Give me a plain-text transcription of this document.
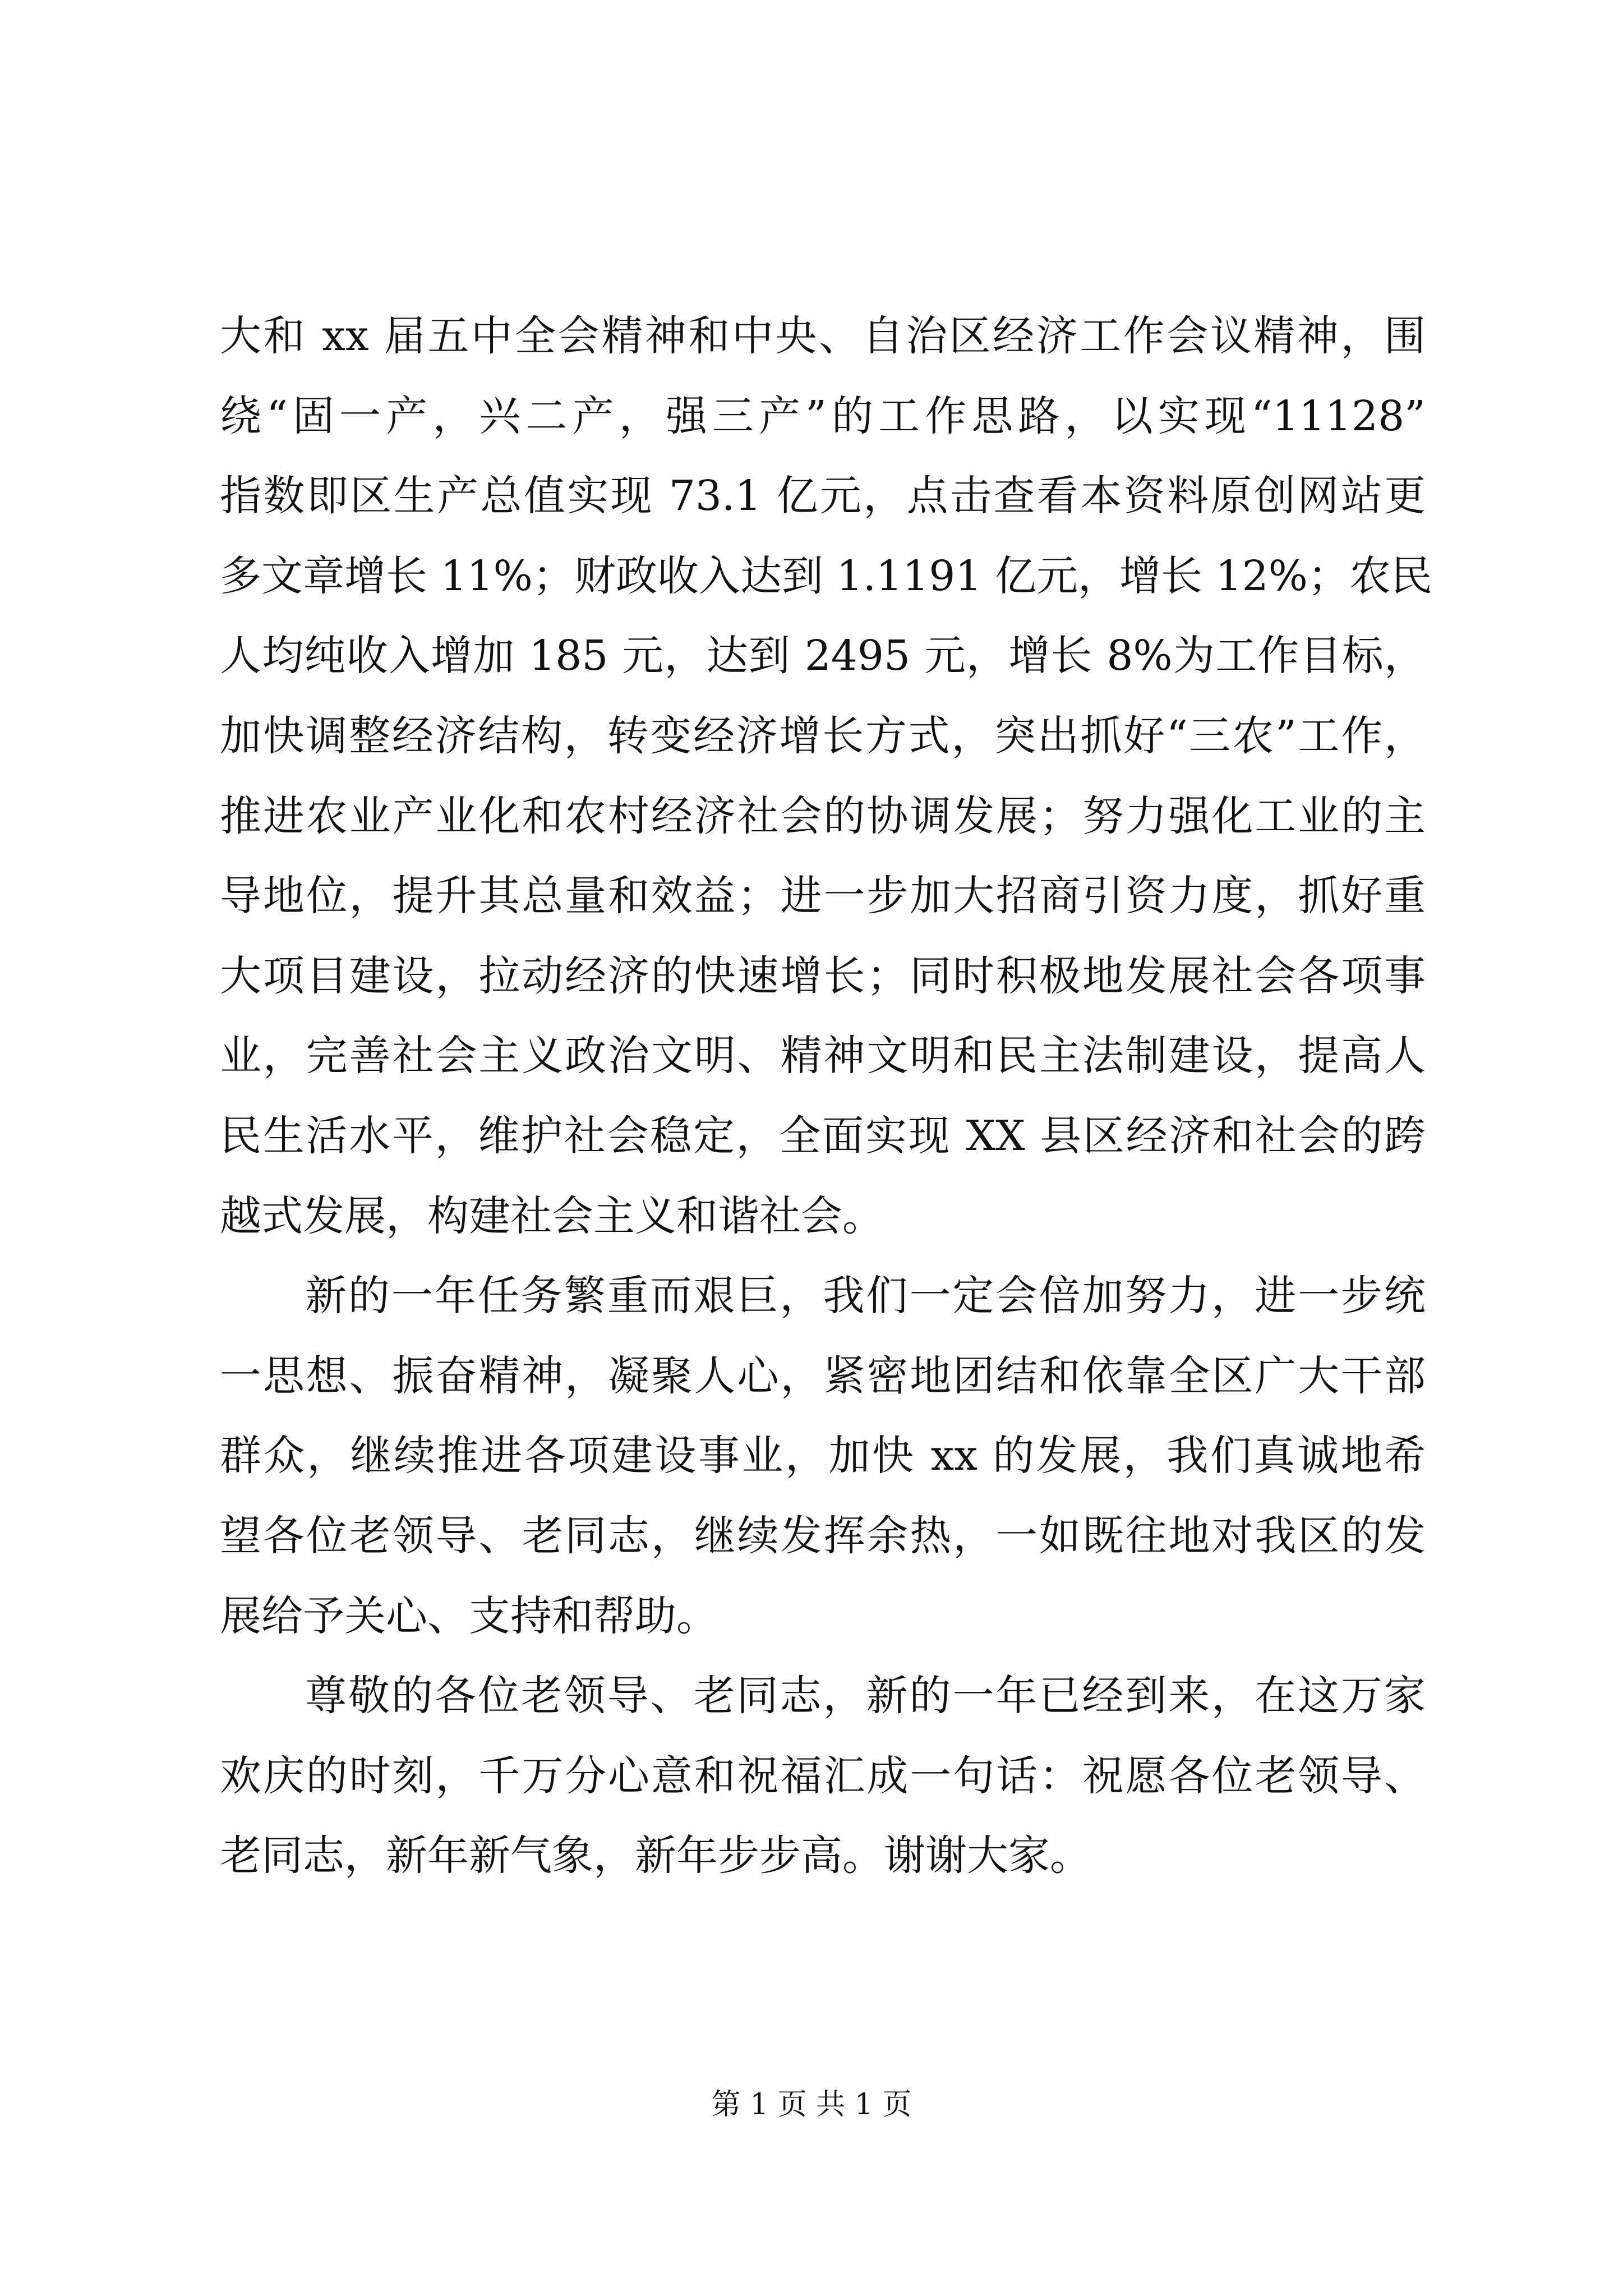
大和 xx 届五中全会精神和中央、自治区经济工作会议精神，围

绕“固一产，兴二产，强三产”的工作思路，以实现“11128”

指数即区生产总值实现 73.1 亿元，点击查看本资料原创网站更

多文章增长 11%；财政收入达到 1.1191 亿元，增长 12%；农民

人均纯收入增加 185 元，达到 2495 元，增长 8%为工作目标，

加快调整经济结构，转变经济增长方式，突出抓好“三农”工作，

推进农业产业化和农村经济社会的协调发展；努力强化工业的主

导地位，提升其总量和效益；进一步加大招商引资力度，抓好重

大项目建设，拉动经济的快速增长；同时积极地发展社会各项事

业，完善社会主义政治文明、精神文明和民主法制建设，提高人

民生活水平，维护社会稳定，全面实现 XX 县区经济和社会的跨

越式发展，构建社会主义和谐社会。

新的一年任务繁重而艰巨，我们一定会倍加努力，进一步统

一思想、振奋精神，凝聚人心，紧密地团结和依靠全区广大干部

群众，继续推进各项建设事业，加快 xx 的发展，我们真诚地希

望各位老领导、老同志，继续发挥余热，一如既往地对我区的发

展给予关心、支持和帮助。

尊敬的各位老领导、老同志，新的一年已经到来，在这万家

欢庆的时刻，千万分心意和祝福汇成一句话：祝愿各位老领导、

老同志，新年新气象，新年步步高。谢谢大家。

第 1 页 共 1 页
